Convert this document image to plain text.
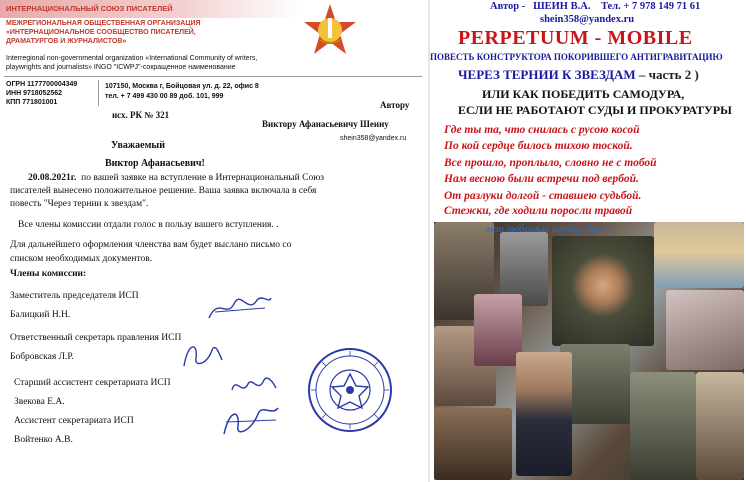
ИНТЕРНАЦИОНАЛЬНЫЙ СОЮЗ ПИСАТЕЛЕЙ
МЕЖРЕГИОНАЛЬНАЯ ОБЩЕСТВЕННАЯ ОРГАНИЗАЦИЯ
«ИНТЕРНАЦИОНАЛЬНОЕ СООБЩЕСТВО ПИСАТЕЛЕЙ,
ДРАМАТУРГОВ И ЖУРНАЛИСТОВ»
Interregional non-governmental organization «International Community of writers,
playwrights and journalists» INGO "ICWPJ"-сокращенное наименование
ОГРН 1177700004349
ИНН 9718052562
КПП 771801001
107150, Москва г, Бойцовая ул. д. 22, офис 8
тел. + 7 499 430 00 89 доб. 101, 999
Автору
исх. РК № 321
Виктору Афанасьевичу Шеину
shein358@yandex.ru
Уважаемый
Виктор Афанасьевич!
20.08.2021г. по вашей заявке на вступление в Интернациональный Союз
писателей вынесено положительное решение. Ваша заявка включала в себя
повесть "Через тернии к звездам".
Все члены комиссии отдали голос в пользу вашего вступления. .
Для дальнейшего оформления членства вам будет выслано письмо со
списком необходимых документов.
Члены комиссии:
Заместитель председателя ИСП
Балицкий Н.Н.
Ответственный секретарь правления ИСП
Бобровская Л.Р.
Старший ассистент секретариата ИСП
Звекова Е.А.
Ассистент секретариата ИСП
Войтенко А.В.
Автор - ШЕИН В.А. Тел. + 7 978 149 71 61
shein358@yandex.ru
PERPETUUM - MOBILE
ПОВЕСТЬ КОНСТРУКТОРА ПОКОРИВШЕГО АНТИГРАВИТАЦИЮ
ЧЕРЕЗ ТЕРНИИ К ЗВЕЗДАМ – часть 2 )
ИЛИ КАК ПОБЕДИТЬ САМОДУРА,
ЕСЛИ НЕ РАБОТАЮТ СУДЫ И ПРОКУРАТУРЫ
Где ты та, что снилась с русою косой
По кой сердце билось тихою тоской.
Все прошло, проплыло, словно не с тобой
Нам весною были встречи под вербой.
От разлуки долгой - ставшею судьбой.
Стежки, где ходили поросли травой
мои любимые сердцу фото
